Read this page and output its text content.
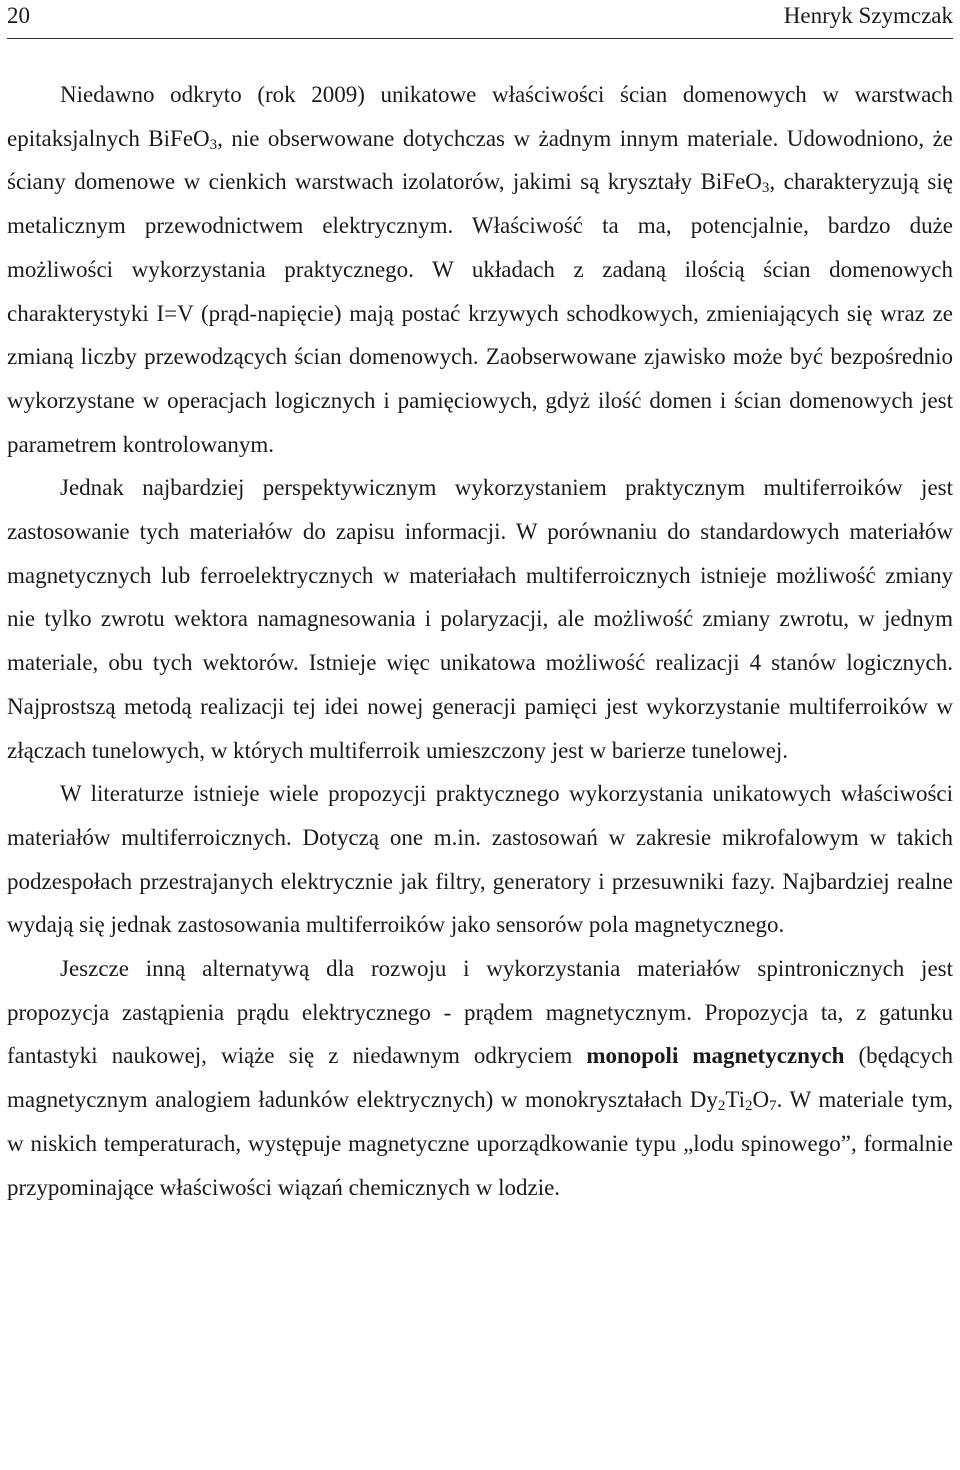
20	Henryk Szymczak

Niedawno odkryto (rok 2009) unikatowe właściwości ścian domenowych w warstwach epitaksjalnych BiFeO$_3$, nie obserwowane dotychczas w żadnym innym materiale. Udowodniono, że ściany domenowe w cienkich warstwach izolatorów, jakimi są kryształy BiFeO$_3$, charakteryzują się metalicznym przewodnictwem elektrycznym. Właściwość ta ma, potencjalnie, bardzo duże możliwości wykorzystania praktycznego. W układach z zadaną ilością ścian domenowych charakterystyki I=V (prąd-napięcie) mają postać krzywych schodkowych, zmieniających się wraz ze zmianą liczby przewodzących ścian domenowych. Zaobserwowane zjawisko może być bezpośrednio wykorzystane w operacjach logicznych i pamięciowych, gdyż ilość domen i ścian domenowych jest parametrem kontrolowanym.

Jednak najbardziej perspektywicznym wykorzystaniem praktycznym multiferroików jest zastosowanie tych materiałów do zapisu informacji. W porównaniu do standardowych materiałów magnetycznych lub ferroelektrycznych w materiałach multiferroicznych istnieje możliwość zmiany nie tylko zwrotu wektora namagnesowania i polaryzacji, ale możliwość zmiany zwrotu, w jednym materiale, obu tych wektorów. Istnieje więc unikatowa możliwość realizacji 4 stanów logicznych. Najprostszą metodą realizacji tej idei nowej generacji pamięci jest wykorzystanie multiferroików w złączach tunelowych, w których multiferroik umieszczony jest w barierze tunelowej.

W literaturze istnieje wiele propozycji praktycznego wykorzystania unikatowych właściwości materiałów multiferroicznych. Dotyczą one m.in. zastosowań w zakresie mikrofalowym w takich podzespołach przestrajanych elektrycznie jak filtry, generatory i przesuwniki fazy. Najbardziej realne wydają się jednak zastosowania multiferroików jako sensorów pola magnetycznego.

Jeszcze inną alternatywą dla rozwoju i wykorzystania materiałów spintronicznych jest propozycja zastąpienia prądu elektrycznego - prądem magnetycznym. Propozycja ta, z gatunku fantastyki naukowej, wiąże się z niedawnym odkryciem monopoli magnetycznych (będących magnetycznym analogiem ładunków elektrycznych) w monokryształach $Dy_2Ti_2O_7$. W materiale tym, w niskich temperaturach, występuje magnetyczne uporządkowanie typu „lodu spinowego”, formalnie przypominające właściwości wiązań chemicznych w lodzie.
